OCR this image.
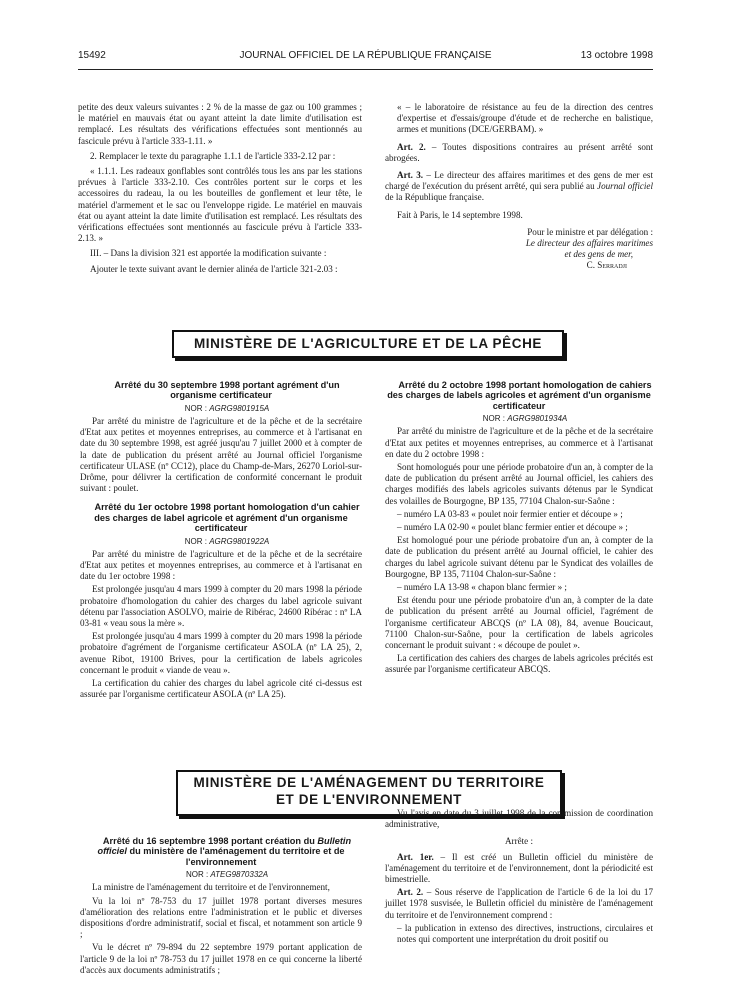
15492	JOURNAL OFFICIEL DE LA RÉPUBLIQUE FRANÇAISE	13 octobre 1998

petite des deux valeurs suivantes : 2 % de la masse de gaz ou 100 grammes ; le matériel en mauvais état ou ayant atteint la date limite d'utilisation est remplacé. Les résultats des vérifications effectuées sont mentionnés au fascicule prévu à l'article 333-1.11. »

2. Remplacer le texte du paragraphe 1.1.1 de l'article 333-2.12 par :

« 1.1.1. Les radeaux gonflables sont contrôlés tous les ans par les stations prévues à l'article 333-2.10. Ces contrôles portent sur le corps et les accessoires du radeau, la ou les bouteilles de gonflement et leur tête, le matériel d'armement et le sac ou l'enveloppe rigide. Le matériel en mauvais état ou ayant atteint la date limite d'utilisation est remplacé. Les résultats des vérifications effectuées sont mentionnés au fascicule prévu à l'article 333-2.13. »

III. – Dans la division 321 est apportée la modification suivante :

Ajouter le texte suivant avant le dernier alinéa de l'article 321-2.03 :

« – le laboratoire de résistance au feu de la direction des centres d'expertise et d'essais/groupe d'étude et de recherche en balistique, armes et munitions (DCE/GERBAM). »

Art. 2. – Toutes dispositions contraires au présent arrêté sont abrogées.

Art. 3. – Le directeur des affaires maritimes et des gens de mer est chargé de l'exécution du présent arrêté, qui sera publié au Journal officiel de la République française.

Fait à Paris, le 14 septembre 1998.

Pour le ministre et par délégation :

Le directeur des affaires maritimes

et des gens de mer,

C. Serradji

MINISTÈRE DE L'AGRICULTURE ET DE LA PÊCHE

Arrêté du 30 septembre 1998 portant agrément d'un organisme certificateur

NOR : AGRG9801915A

Par arrêté du ministre de l'agriculture et de la pêche et de la secrétaire d'Etat aux petites et moyennes entreprises, au commerce et à l'artisanat en date du 30 septembre 1998, est agréé jusqu'au 7 juillet 2000 et à compter de la date de publication du présent arrêté au Journal officiel l'organisme certificateur ULASE (nº CC12), place du Champ-de-Mars, 26270 Loriol-sur-Drôme, pour délivrer la certification de conformité concernant le produit suivant : poulet.

Arrêté du 1er octobre 1998 portant homologation d'un cahier des charges de label agricole et agrément d'un organisme certificateur

NOR : AGRG9801922A

Par arrêté du ministre de l'agriculture et de la pêche et de la secrétaire d'Etat aux petites et moyennes entreprises, au commerce et à l'artisanat en date du 1er octobre 1998 :

Est prolongée jusqu'au 4 mars 1999 à compter du 20 mars 1998 la période probatoire d'homologation du cahier des charges du label agricole suivant détenu par l'association ASOLVO, mairie de Ribérac, 24600 Ribérac : nº LA 03-81 « veau sous la mère ».

Est prolongée jusqu'au 4 mars 1999 à compter du 20 mars 1998 la période probatoire d'agrément de l'organisme certificateur ASOLA (nº LA 25), 2, avenue Ribot, 19100 Brives, pour la certification de labels agricoles concernant le produit « viande de veau ».

La certification du cahier des charges du label agricole cité ci-dessus est assurée par l'organisme certificateur ASOLA (nº LA 25).

Arrêté du 2 octobre 1998 portant homologation de cahiers des charges de labels agricoles et agrément d'un organisme certificateur

NOR : AGRG9801934A

Par arrêté du ministre de l'agriculture et de la pêche et de la secrétaire d'Etat aux petites et moyennes entreprises, au commerce et à l'artisanat en date du 2 octobre 1998 :

Sont homologués pour une période probatoire d'un an, à compter de la date de publication du présent arrêté au Journal officiel, les cahiers des charges modifiés des labels agricoles suivants détenus par le Syndicat des volailles de Bourgogne, BP 135, 77104 Chalon-sur-Saône :

– numéro LA 03-83 « poulet noir fermier entier et découpe » ;

– numéro LA 02-90 « poulet blanc fermier entier et découpe » ;

Est homologué pour une période probatoire d'un an, à compter de la date de publication du présent arrêté au Journal officiel, le cahier des charges du label agricole suivant détenu par le Syndicat des volailles de Bourgogne, BP 135, 71104 Chalon-sur-Saône :

– numéro LA 13-98 « chapon blanc fermier » ;

Est étendu pour une période probatoire d'un an, à compter de la date de publication du présent arrêté au Journal officiel, l'agrément de l'organisme certificateur ABCQS (nº LA 08), 84, avenue Boucicaut, 71100 Chalon-sur-Saône, pour la certification de labels agricoles concernant le produit suivant : « découpe de poulet ».

La certification des cahiers des charges de labels agricoles précités est assurée par l'organisme certificateur ABCQS.

MINISTÈRE DE L'AMÉNAGEMENT DU TERRITOIRE
ET DE L'ENVIRONNEMENT

Arrêté du 16 septembre 1998 portant création du Bulletin officiel du ministère de l'aménagement du territoire et de l'environnement

NOR : ATEG9870332A

La ministre de l'aménagement du territoire et de l'environnement,

Vu la loi nº 78-753 du 17 juillet 1978 portant diverses mesures d'amélioration des relations entre l'administration et le public et diverses dispositions d'ordre administratif, social et fiscal, et notamment son article 9 ;

Vu le décret nº 79-894 du 22 septembre 1979 portant application de l'article 9 de la loi nº 78-753 du 17 juillet 1978 en ce qui concerne la liberté d'accès aux documents administratifs ;

Vu l'avis en date du 3 juillet 1998 de la commission de coordination administrative,

Arrête :

Art. 1er. – Il est créé un Bulletin officiel du ministère de l'aménagement du territoire et de l'environnement, dont la périodicité est bimestrielle.

Art. 2. – Sous réserve de l'application de l'article 6 de la loi du 17 juillet 1978 susvisée, le Bulletin officiel du ministère de l'aménagement du territoire et de l'environnement comprend :

– la publication in extenso des directives, instructions, circulaires et notes qui comportent une interprétation du droit positif ou
